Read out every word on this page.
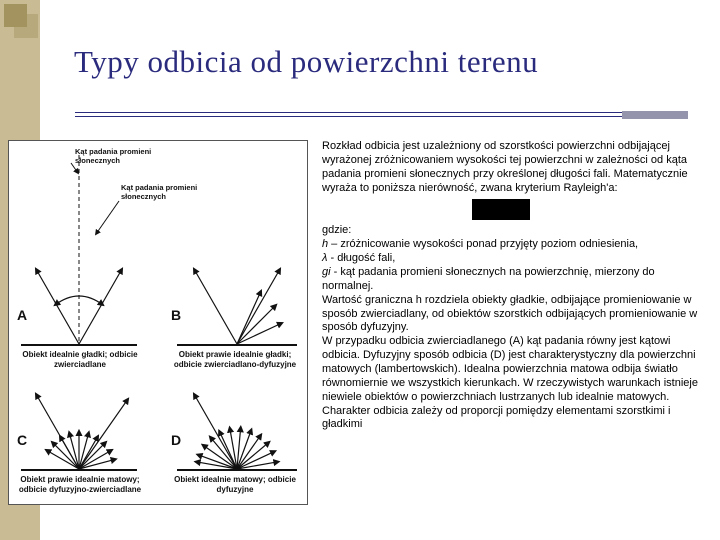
Typy odbicia od powierzchni terenu
Kąt padania promieni słonecznych
Kąt padania promieni słonecznych
A	B
C	D
Obiekt idealnie gładki; odbicie zwierciadlane
Obiekt prawie idealnie gładki; odbicie zwierciadlano-dyfuzyjne
Obiekt prawie idealnie matowy; odbicie dyfuzyjno-zwierciadlane
Obiekt idealnie matowy; odbicie dyfuzyjne

Rozkład odbicia jest uzależniony od szorstkości powierzchni odbijającej wyrażonej zróżnicowaniem wysokości tej powierzchni w zależności od kąta padania promieni słonecznych przy określonej długości fali. Matematycznie wyraża to poniższa nierówność, zwana kryterium Rayleigh'a:

gdzie:

h – zróżnicowanie wysokości ponad przyjęty poziom odniesienia,

λ - długość fali,

gi - kąt padania promieni słonecznych na powierzchnię, mierzony do normalnej.

Wartość graniczna h rozdziela obiekty gładkie, odbijające promieniowanie w sposób zwierciadlany, od obiektów szorstkich odbijających promieniowanie w sposób dyfuzyjny.

W przypadku odbicia zwierciadlanego (A) kąt padania równy jest kątowi odbicia. Dyfuzyjny sposób odbicia (D) jest charakterystyczny dla powierzchni matowych (lambertowskich). Idealna powierzchnia matowa odbija światło równomiernie we wszystkich kierunkach. W rzeczywistych warunkach istnieje niewiele obiektów o powierzchniach lustrzanych lub idealnie matowych. Charakter odbicia zależy od proporcji pomiędzy elementami szorstkimi i gładkimi
